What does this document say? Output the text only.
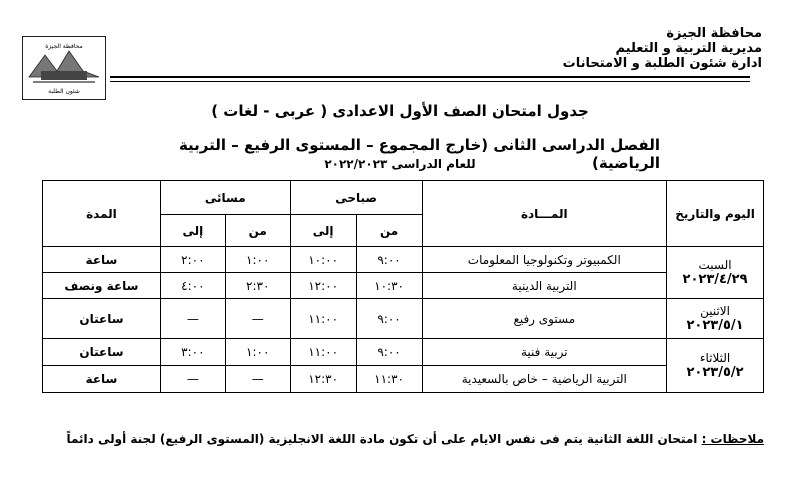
محافظة الجيزة
مديرية التربية و التعليم
ادارة شئون الطلبة و الامتحانات
محافظة الجيزة
شئون الطلبة
جدول امتحان الصف الأول الاعدادى ( عربى - لغات )
الفصل الدراسى الثانى (خارج المجموع – المستوى الرفيع – التربية الرياضية)
للعام الدراسى ٢٠٢٢/٢٠٢٣
اليوم والتاريخ	المـــادة	صباحى		مسائى		المدة
		من	إلى	من	إلى	

السبت
٢٠٢٣/٤/٢٩	الكمبيوتر وتكنولوجيا المعلومات	٩:٠٠	١٠:٠٠	١:٠٠	٢:٠٠	ساعة
	التربية الدينية	١٠:٣٠	١٢:٠٠	٢:٣٠	٤:٠٠	ساعة ونصف

الاثنين
٢٠٢٣/٥/١	مستوى رفيع	٩:٠٠	١١:٠٠	—	—	ساعتان

الثلاثاء
٢٠٢٣/٥/٢	تربية فنية	٩:٠٠	١١:٠٠	١:٠٠	٣:٠٠	ساعتان
	التربية الرياضية – خاص بالسعيدية	١١:٣٠	١٢:٣٠	—	—	ساعة
ملاحظات : امتحان اللغة الثانية يتم فى نفس الايام على أن تكون مادة اللغة الانجليزية (المستوى الرفيع) لجنة أولى دائماً
